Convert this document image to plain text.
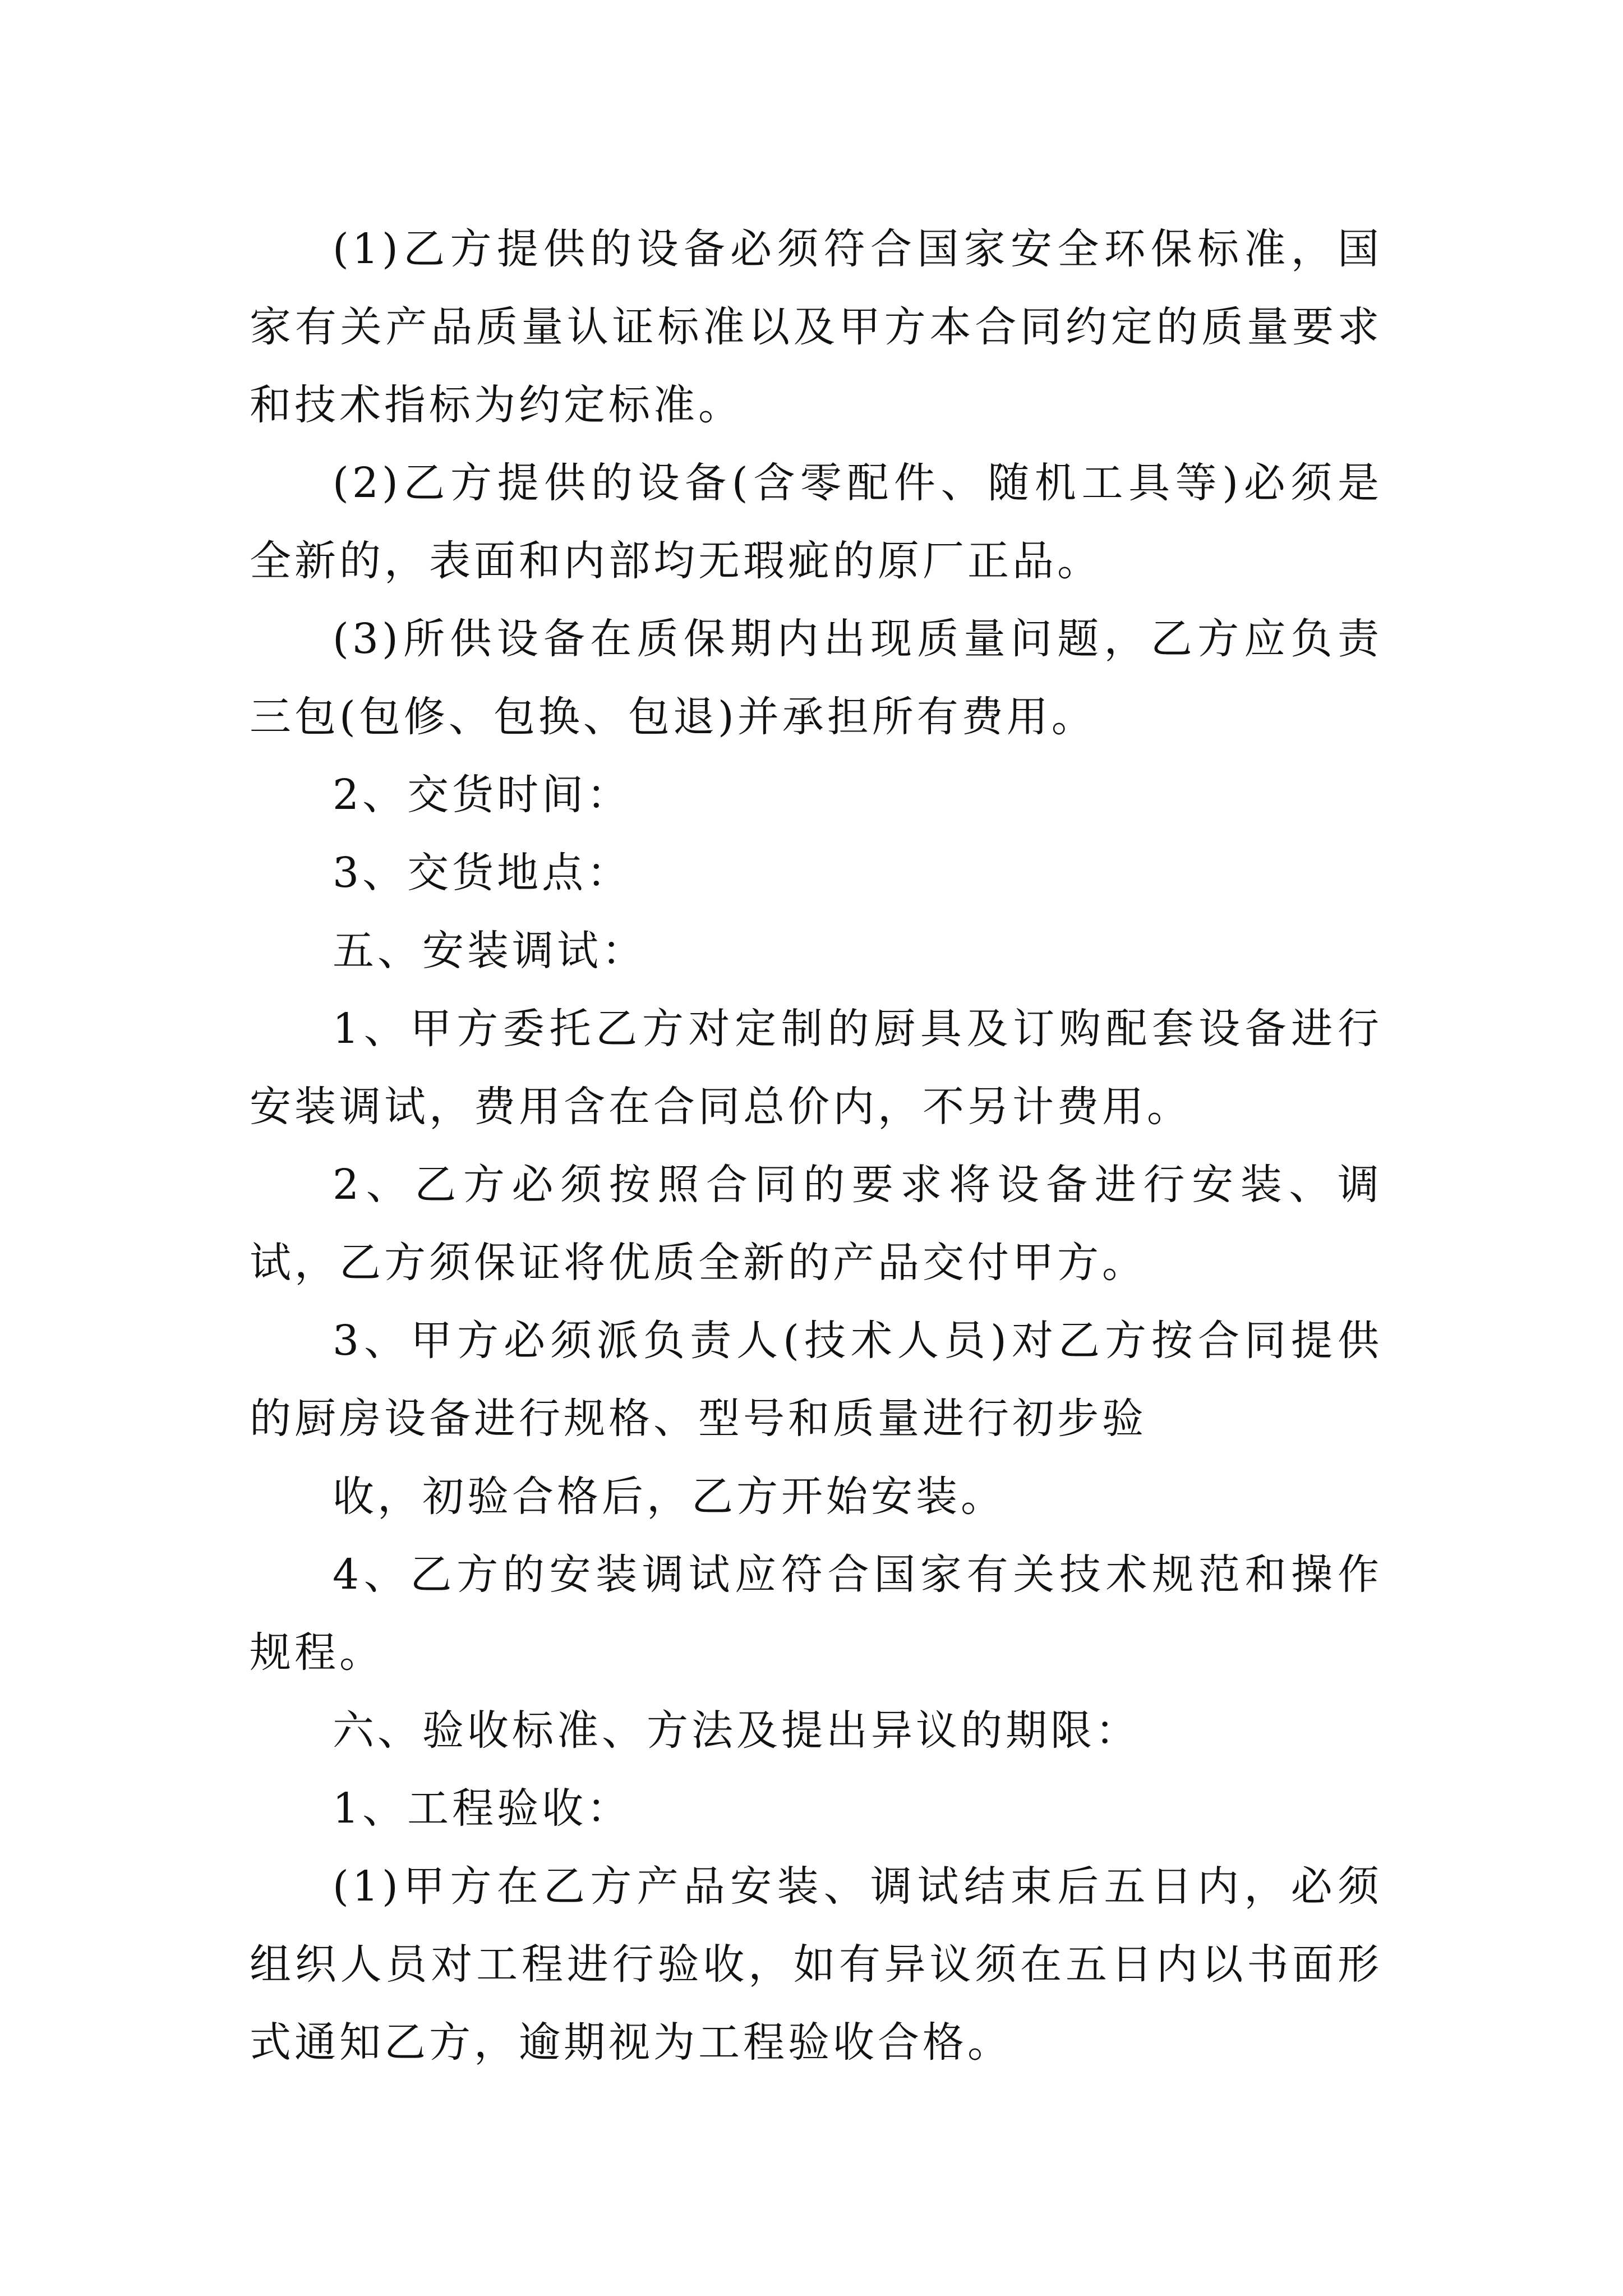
(1)乙方提供的设备必须符合国家安全环保标准，国家有关产品质量认证标准以及甲方本合同约定的质量要求和技术指标为约定标准。

(2)乙方提供的设备(含零配件、随机工具等)必须是全新的，表面和内部均无瑕疵的原厂正品。

(3)所供设备在质保期内出现质量问题，乙方应负责三包(包修、包换、包退)并承担所有费用。

2、交货时间：

3、交货地点：

五、安装调试：

1、甲方委托乙方对定制的厨具及订购配套设备进行安装调试，费用含在合同总价内，不另计费用。

2、乙方必须按照合同的要求将设备进行安装、调试，乙方须保证将优质全新的产品交付甲方。

3、甲方必须派负责人(技术人员)对乙方按合同提供的厨房设备进行规格、型号和质量进行初步验

收，初验合格后，乙方开始安装。

4、乙方的安装调试应符合国家有关技术规范和操作规程。

六、验收标准、方法及提出异议的期限：

1、工程验收：

(1)甲方在乙方产品安装、调试结束后五日内，必须组织人员对工程进行验收，如有异议须在五日内以书面形式通知乙方，逾期视为工程验收合格。
